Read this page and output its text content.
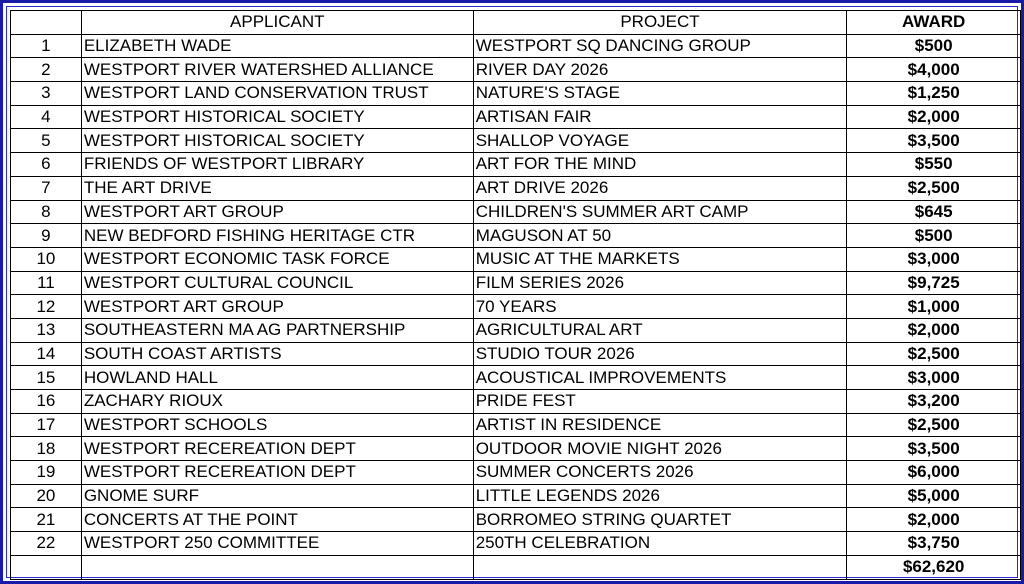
	APPLICANT	PROJECT	AWARD
1	ELIZABETH WADE	WESTPORT SQ DANCING GROUP	$500
2	WESTPORT RIVER WATERSHED ALLIANCE	RIVER DAY 2026	$4,000
3	WESTPORT LAND CONSERVATION TRUST	NATURE'S STAGE	$1,250
4	WESTPORT HISTORICAL SOCIETY	ARTISAN FAIR	$2,000
5	WESTPORT HISTORICAL SOCIETY	SHALLOP VOYAGE	$3,500
6	FRIENDS OF WESTPORT LIBRARY	ART FOR THE MIND	$550
7	THE ART DRIVE	ART DRIVE 2026	$2,500
8	WESTPORT ART GROUP	CHILDREN'S SUMMER ART CAMP	$645
9	NEW BEDFORD FISHING HERITAGE CTR	MAGUSON AT 50	$500
10	WESTPORT ECONOMIC TASK FORCE	MUSIC AT THE MARKETS	$3,000
11	WESTPORT CULTURAL COUNCIL	FILM SERIES 2026	$9,725
12	WESTPORT ART GROUP	70 YEARS	$1,000
13	SOUTHEASTERN MA AG PARTNERSHIP	AGRICULTURAL ART	$2,000
14	SOUTH COAST ARTISTS	STUDIO TOUR 2026	$2,500
15	HOWLAND HALL	ACOUSTICAL IMPROVEMENTS	$3,000
16	ZACHARY RIOUX	PRIDE FEST	$3,200
17	WESTPORT SCHOOLS	ARTIST IN RESIDENCE	$2,500
18	WESTPORT RECEREATION DEPT	OUTDOOR MOVIE NIGHT 2026	$3,500
19	WESTPORT RECEREATION DEPT	SUMMER CONCERTS 2026	$6,000
20	GNOME SURF	LITTLE LEGENDS 2026	$5,000
21	CONCERTS AT THE POINT	BORROMEO STRING QUARTET	$2,000
22	WESTPORT 250 COMMITTEE	250TH CELEBRATION	$3,750
			$62,620
